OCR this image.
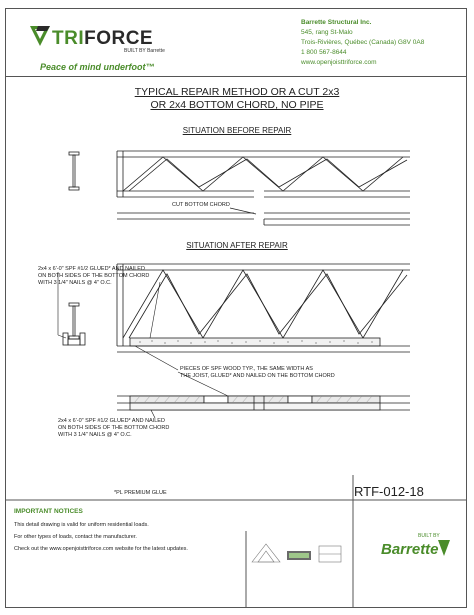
TRIFORCE
BUILT BY Barrette
Peace of mind underfoot™
Barrette Structural Inc.
545, rang St-Malo
Trois-Rivières, Québec (Canada) G8V 0A8
1 800 567-8644
www.openjoisttriforce.com
TYPICAL REPAIR METHOD OR A CUT 2x3
OR 2x4 BOTTOM CHORD, NO PIPE
SITUATION BEFORE REPAIR
CUT BOTTOM CHORD
SITUATION AFTER REPAIR
2x4 x 6'-0" SPF #1/2 GLUED* AND NAILED
ON BOTH SIDES OF THE BOTTOM CHORD
WITH 3 1/4" NAILS @ 4" O.C.
PIECES OF SPF WOOD TYP., THE SAME WIDTH AS
THE JOIST, GLUED* AND NAILED ON THE BOTTOM CHORD
2x4 x 6'-0" SPF #1/2 GLUED* AND NAILED
ON BOTH SIDES OF THE BOTTOM CHORD
WITH 3 1/4" NAILS @ 4" O.C.
*PL PREMIUM GLUE	RTF-012-18
IMPORTANT NOTICES
This detail drawing is valid for uniform residential loads.
For other types of loads, contact the manufacturer.
Check out the www.openjoisttriforce.com website for the latest updates.
BUILT BY
Barrette
